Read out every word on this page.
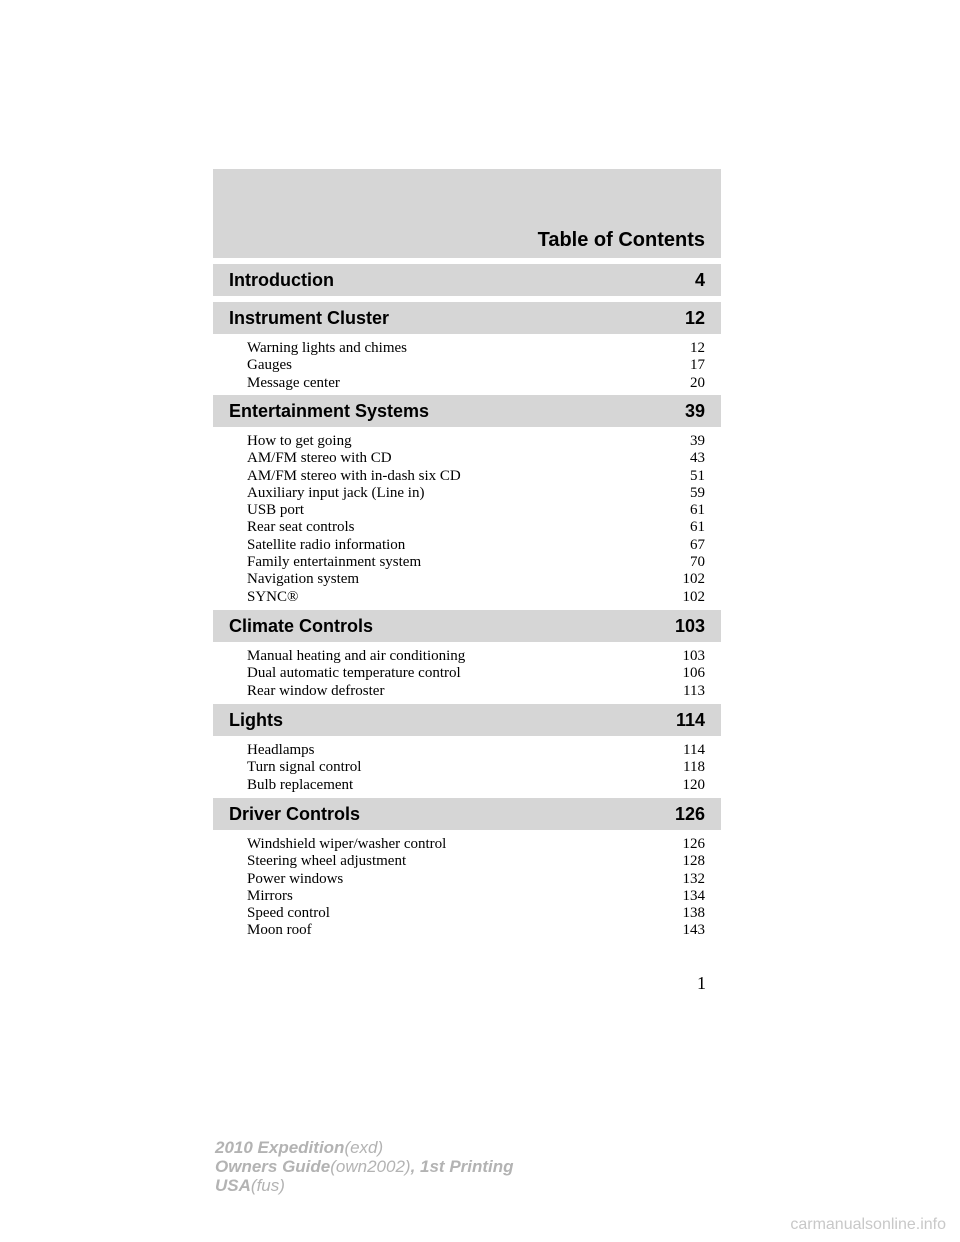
Table of Contents
Introduction	4
Instrument Cluster	12
Warning lights and chimes	12
Gauges	17
Message center	20
Entertainment Systems	39
How to get going	39
AM/FM stereo with CD	43
AM/FM stereo with in-dash six CD	51
Auxiliary input jack (Line in)	59
USB port	61
Rear seat controls	61
Satellite radio information	67
Family entertainment system	70
Navigation system	102
SYNC®	102
Climate Controls	103
Manual heating and air conditioning	103
Dual automatic temperature control	106
Rear window defroster	113
Lights	114
Headlamps	114
Turn signal control	118
Bulb replacement	120
Driver Controls	126
Windshield wiper/washer control	126
Steering wheel adjustment	128
Power windows	132
Mirrors	134
Speed control	138
Moon roof	143
1
2010 Expedition(exd)
Owners Guide(own2002), 1st Printing
USA(fus)
carmanualsonline.info
